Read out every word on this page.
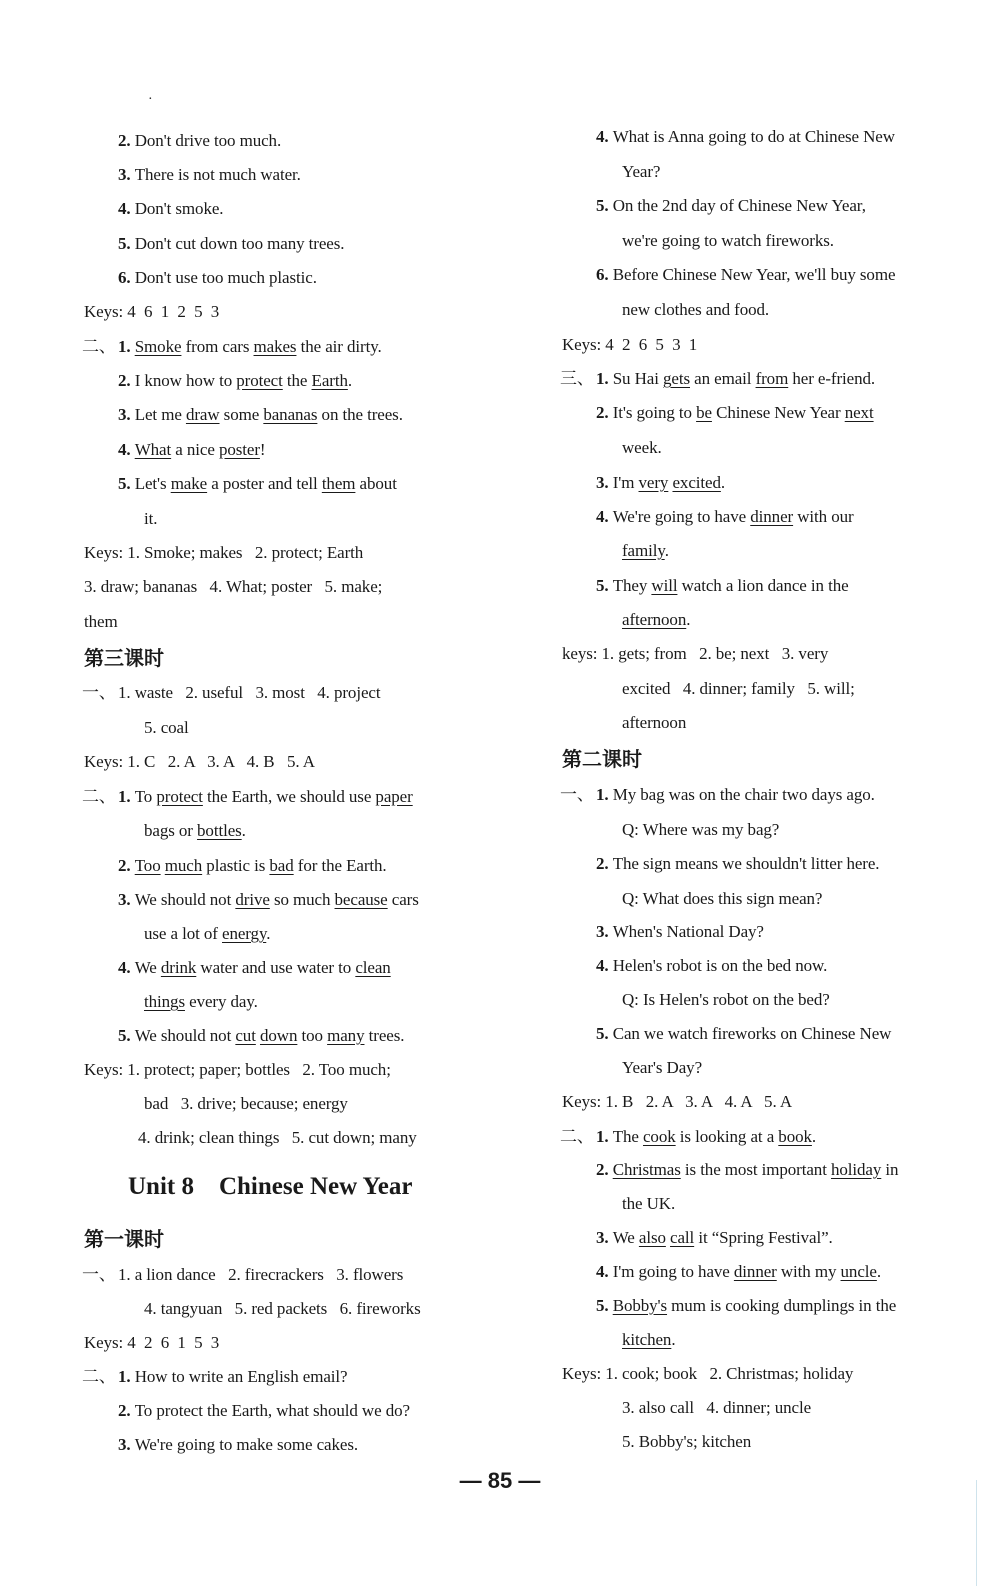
·
2. Don't drive too much.
3. There is not much water.
4. Don't smoke.
5. Don't cut down too many trees.
6. Don't use too much plastic.
Keys: 4  6  1  2  5  3
二、 1. Smoke from cars makes the air dirty.
2. I know how to protect the Earth.
3. Let me draw some bananas on the trees.
4. What a nice poster!
5. Let's make a poster and tell them about
it.
Keys: 1. Smoke; makes   2. protect; Earth
3. draw; bananas   4. What; poster   5. make;
them
第三课时
一、 1. waste   2. useful   3. most   4. project
5. coal
Keys: 1. C   2. A   3. A   4. B   5. A
二、 1. To protect the Earth, we should use paper
bags or bottles.
2. Too much plastic is bad for the Earth.
3. We should not drive so much because cars
use a lot of energy.
4. We drink water and use water to clean
things every day.
5. We should not cut down too many trees.
Keys: 1. protect; paper; bottles   2. Too much;
bad   3. drive; because; energy
4. drink; clean things   5. cut down; many
Unit 8    Chinese New Year
第一课时
一、 1. a lion dance   2. firecrackers   3. flowers
4. tangyuan   5. red packets   6. fireworks
Keys: 4  2  6  1  5  3
二、 1. How to write an English email?
2. To protect the Earth, what should we do?
3. We're going to make some cakes.
4. What is Anna going to do at Chinese New
Year?
5. On the 2nd day of Chinese New Year,
we're going to watch fireworks.
6. Before Chinese New Year, we'll buy some
new clothes and food.
Keys: 4  2  6  5  3  1
三、 1. Su Hai gets an email from her e-friend.
2. It's going to be Chinese New Year next
week.
3. I'm very excited.
4. We're going to have dinner with our
family.
5. They will watch a lion dance in the
afternoon.
keys: 1. gets; from   2. be; next   3. very
excited   4. dinner; family   5. will;
afternoon
第二课时
一、 1. My bag was on the chair two days ago.
Q: Where was my bag?
2. The sign means we shouldn't litter here.
Q: What does this sign mean?
3. When's National Day?
4. Helen's robot is on the bed now.
Q: Is Helen's robot on the bed?
5. Can we watch fireworks on Chinese New
Year's Day?
Keys: 1. B   2. A   3. A   4. A   5. A
二、 1. The cook is looking at a book.
2. Christmas is the most important holiday in
the UK.
3. We also call it “Spring Festival”.
4. I'm going to have dinner with my uncle.
5. Bobby's mum is cooking dumplings in the
kitchen.
Keys: 1. cook; book   2. Christmas; holiday
3. also call   4. dinner; uncle
5. Bobby's; kitchen
— 85 —
